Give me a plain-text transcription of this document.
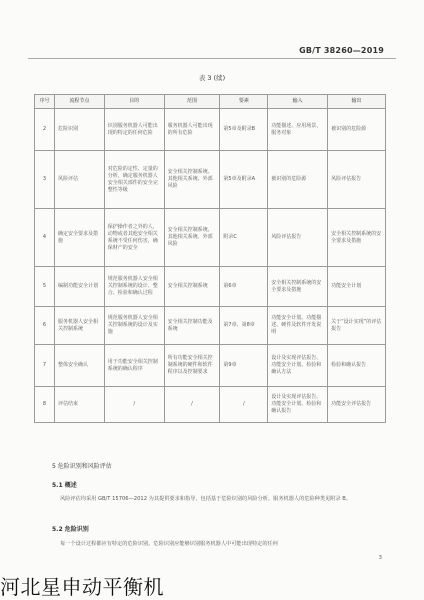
GB/T 38260—2019
表 3 (续)
序号	流程节点	目的	范围	要素	输入	输出
2	危险识别	识别服务机器人可能出现的特定的任何危险	服务机器人可能出现的所有危险	第5章及附录B	功能描述、应用场景、服务对象	被识别的危险源
3	风险评估	对危险的定性、定量的分析，确定服务机器人安全相关部件的安全完整性等级	安全相关控制系统、其他相关系统、外部风险	第5章及附录A	被识别的危险源	风险评估报告
4	确定安全要求及措施	保护操作者之外的人，动物或者其他安全相关系统不受任何伤害，确保财产的安全	安全相关控制系统、其他相关系统、外部风险	附录C	风险评估报告	安全相关控制系统的安全要求及措施
5	编制功能安全计划	规范服务机器人安全相关控制系统的设计、整合、检验和确认过程	安全相关控制系统	第6章	安全相关控制系统的安全要求及措施	功能安全计划
6	服务机器人安全相关控制系统	规范服务机器人安全相关控制系统的设计及实施	安全相关控制功能及系统	第7章、第8章	功能安全计划、功能描述、硬件及软件开发说明	关于“设计实现”的评估报告
7	整体安全确认	用于功能安全相关控制系统的确认程序	所有功能安全相关控制系统的硬件和软件程序以及控制要求	第9章	设计及实现评估报告、功能安全计划、检验和确认方法	检验和确认报告
8	评估结束	/	/	/	设计及实现评估报告、功能安全计划、检验和确认报告	功能安全评估报告
5 危险识别和风险评估
5.1 概述
风险评估均采用 GB/T 15706—2012 为其提供要求和指导，包括基于危险识别的风险分析。服务机器人的危险种类见附录 B。
5.2 危险识别
每一个设计过程都应有特定的危险识别。危险识别应能够识别服务机器人中可能出现特定的任何
3
河北星申动平衡机
